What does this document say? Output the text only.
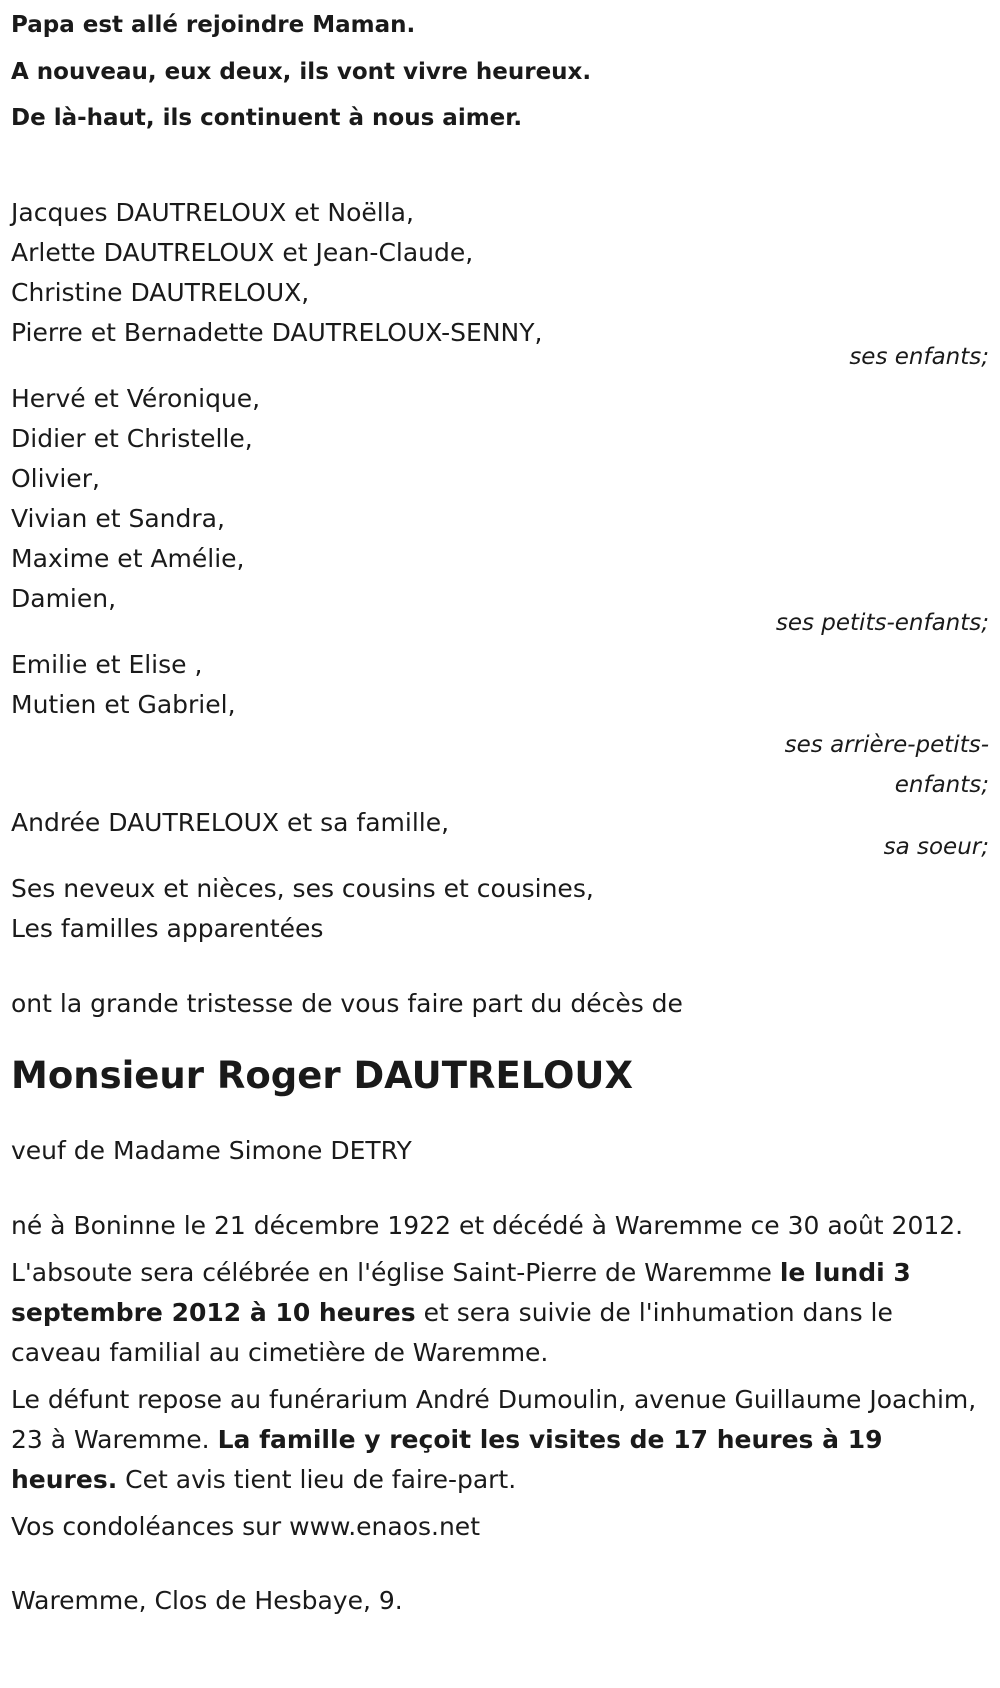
Papa est allé rejoindre Maman.
A nouveau, eux deux, ils vont vivre heureux.
De là-haut, ils continuent à nous aimer.
Jacques DAUTRELOUX et Noëlla,
Arlette DAUTRELOUX et Jean-Claude,
Christine DAUTRELOUX,
Pierre et Bernadette DAUTRELOUX-SENNY,
ses enfants;
Hervé et Véronique,
Didier et Christelle,
Olivier,
Vivian et Sandra,
Maxime et Amélie,
Damien,
ses petits-enfants;
Emilie et Elise ,
Mutien et Gabriel,
ses arrière-petits-
enfants;
Andrée DAUTRELOUX et sa famille,
sa soeur;
Ses neveux et nièces, ses cousins et cousines,
Les familles apparentées

ont la grande tristesse de vous faire part du décès de

Monsieur Roger DAUTRELOUX

veuf de Madame Simone DETRY

né à Boninne le 21 décembre 1922 et décédé à Waremme ce 30 août 2012.

L'absoute sera célébrée en l'église Saint-Pierre de Waremme le lundi 3 septembre 2012 à 10 heures et sera suivie de l'inhumation dans le caveau familial au cimetière de Waremme.

Le défunt repose au funérarium André Dumoulin, avenue Guillaume Joachim, 23 à Waremme. La famille y reçoit les visites de 17 heures à 19 heures. Cet avis tient lieu de faire-part.

Vos condoléances sur www.enaos.net

Waremme, Clos de Hesbaye, 9.
